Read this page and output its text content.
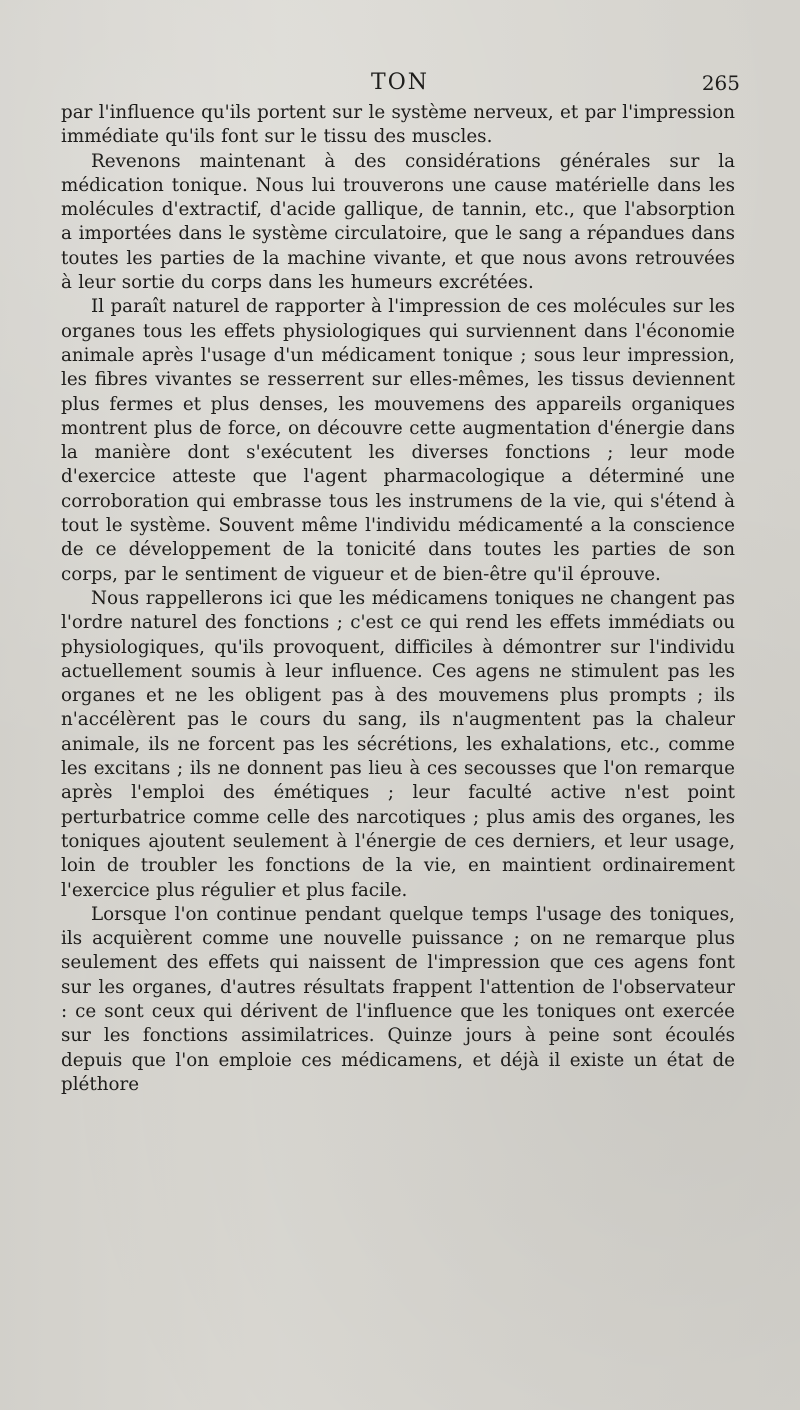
TON	265

par l'influence qu'ils portent sur le système nerveux, et par l'impression immédiate qu'ils font sur le tissu des muscles.

Revenons maintenant à des considérations générales sur la médication tonique. Nous lui trouverons une cause matérielle dans les molécules d'extractif, d'acide gallique, de tannin, etc., que l'absorption a importées dans le système circulatoire, que le sang a répandues dans toutes les parties de la machine vivante, et que nous avons retrouvées à leur sortie du corps dans les humeurs excrétées.

Il paraît naturel de rapporter à l'impression de ces molécules sur les organes tous les effets physiologiques qui surviennent dans l'économie animale après l'usage d'un médicament tonique ; sous leur impression, les fibres vivantes se resserrent sur elles-mêmes, les tissus deviennent plus fermes et plus denses, les mouvemens des appareils organiques montrent plus de force, on découvre cette augmentation d'énergie dans la manière dont s'exécutent les diverses fonctions ; leur mode d'exercice atteste que l'agent pharmacologique a déterminé une corroboration qui embrasse tous les instrumens de la vie, qui s'étend à tout le système. Souvent même l'individu médicamenté a la conscience de ce développement de la tonicité dans toutes les parties de son corps, par le sentiment de vigueur et de bien-être qu'il éprouve.

Nous rappellerons ici que les médicamens toniques ne changent pas l'ordre naturel des fonctions ; c'est ce qui rend les effets immédiats ou physiologiques, qu'ils provoquent, difficiles à démontrer sur l'individu actuellement soumis à leur influence. Ces agens ne stimulent pas les organes et ne les obligent pas à des mouvemens plus prompts ; ils n'accélèrent pas le cours du sang, ils n'augmentent pas la chaleur animale, ils ne forcent pas les sécrétions, les exhalations, etc., comme les excitans ; ils ne donnent pas lieu à ces secousses que l'on remarque après l'emploi des émétiques ; leur faculté active n'est point perturbatrice comme celle des narcotiques ; plus amis des organes, les toniques ajoutent seulement à l'énergie de ces derniers, et leur usage, loin de troubler les fonctions de la vie, en maintient ordinairement l'exercice plus régulier et plus facile.

Lorsque l'on continue pendant quelque temps l'usage des toniques, ils acquièrent comme une nouvelle puissance ; on ne remarque plus seulement des effets qui naissent de l'impression que ces agens font sur les organes, d'autres résultats frappent l'attention de l'observateur : ce sont ceux qui dérivent de l'influence que les toniques ont exercée sur les fonctions assimilatrices. Quinze jours à peine sont écoulés depuis que l'on emploie ces médicamens, et déjà il existe un état de pléthore
